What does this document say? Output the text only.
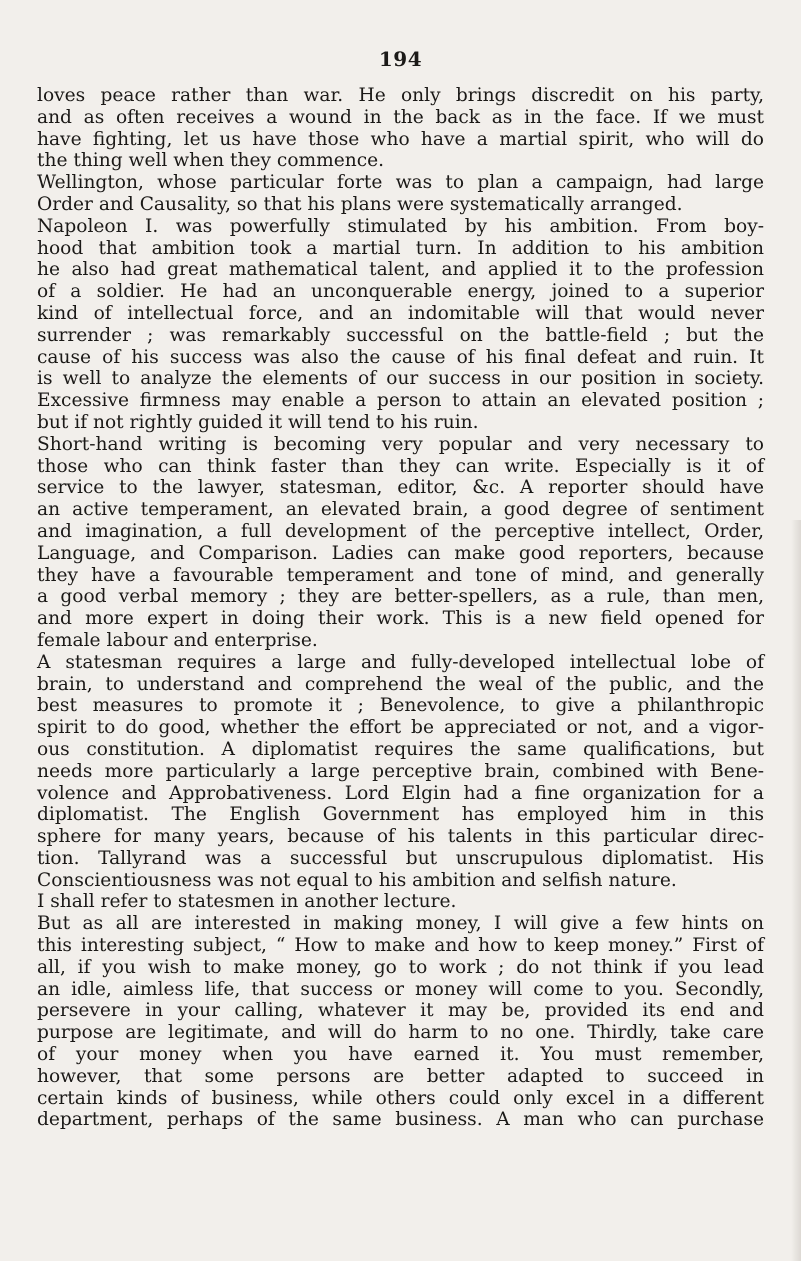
194
loves peace rather than war. He only brings discredit on his party,
and as often receives a wound in the back as in the face. If we must
have fighting, let us have those who have a martial spirit, who will do
the thing well when they commence.
Wellington, whose particular forte was to plan a campaign, had large
Order and Causality, so that his plans were systematically arranged.
Napoleon I. was powerfully stimulated by his ambition. From boy-
hood that ambition took a martial turn. In addition to his ambition
he also had great mathematical talent, and applied it to the profession
of a soldier. He had an unconquerable energy, joined to a superior
kind of intellectual force, and an indomitable will that would never
surrender ; was remarkably successful on the battle-field ; but the
cause of his success was also the cause of his final defeat and ruin. It
is well to analyze the elements of our success in our position in society.
Excessive firmness may enable a person to attain an elevated position ;
but if not rightly guided it will tend to his ruin.
Short-hand writing is becoming very popular and very necessary to
those who can think faster than they can write. Especially is it of
service to the lawyer, statesman, editor, &c. A reporter should have
an active temperament, an elevated brain, a good degree of sentiment
and imagination, a full development of the perceptive intellect, Order,
Language, and Comparison. Ladies can make good reporters, because
they have a favourable temperament and tone of mind, and generally
a good verbal memory ; they are better-spellers, as a rule, than men,
and more expert in doing their work. This is a new field opened for
female labour and enterprise.
A statesman requires a large and fully-developed intellectual lobe of
brain, to understand and comprehend the weal of the public, and the
best measures to promote it ; Benevolence, to give a philanthropic
spirit to do good, whether the effort be appreciated or not, and a vigor-
ous constitution. A diplomatist requires the same qualifications, but
needs more particularly a large perceptive brain, combined with Bene-
volence and Approbativeness. Lord Elgin had a fine organization for a
diplomatist. The English Government has employed him in this
sphere for many years, because of his talents in this particular direc-
tion. Tallyrand was a successful but unscrupulous diplomatist. His
Conscientiousness was not equal to his ambition and selfish nature.
I shall refer to statesmen in another lecture.
But as all are interested in making money, I will give a few hints on
this interesting subject, “ How to make and how to keep money.” First of
all, if you wish to make money, go to work ; do not think if you lead
an idle, aimless life, that success or money will come to you. Secondly,
persevere in your calling, whatever it may be, provided its end and
purpose are legitimate, and will do harm to no one. Thirdly, take care
of your money when you have earned it. You must remember,
however, that some persons are better adapted to succeed in
certain kinds of business, while others could only excel in a different
department, perhaps of the same business. A man who can purchase
